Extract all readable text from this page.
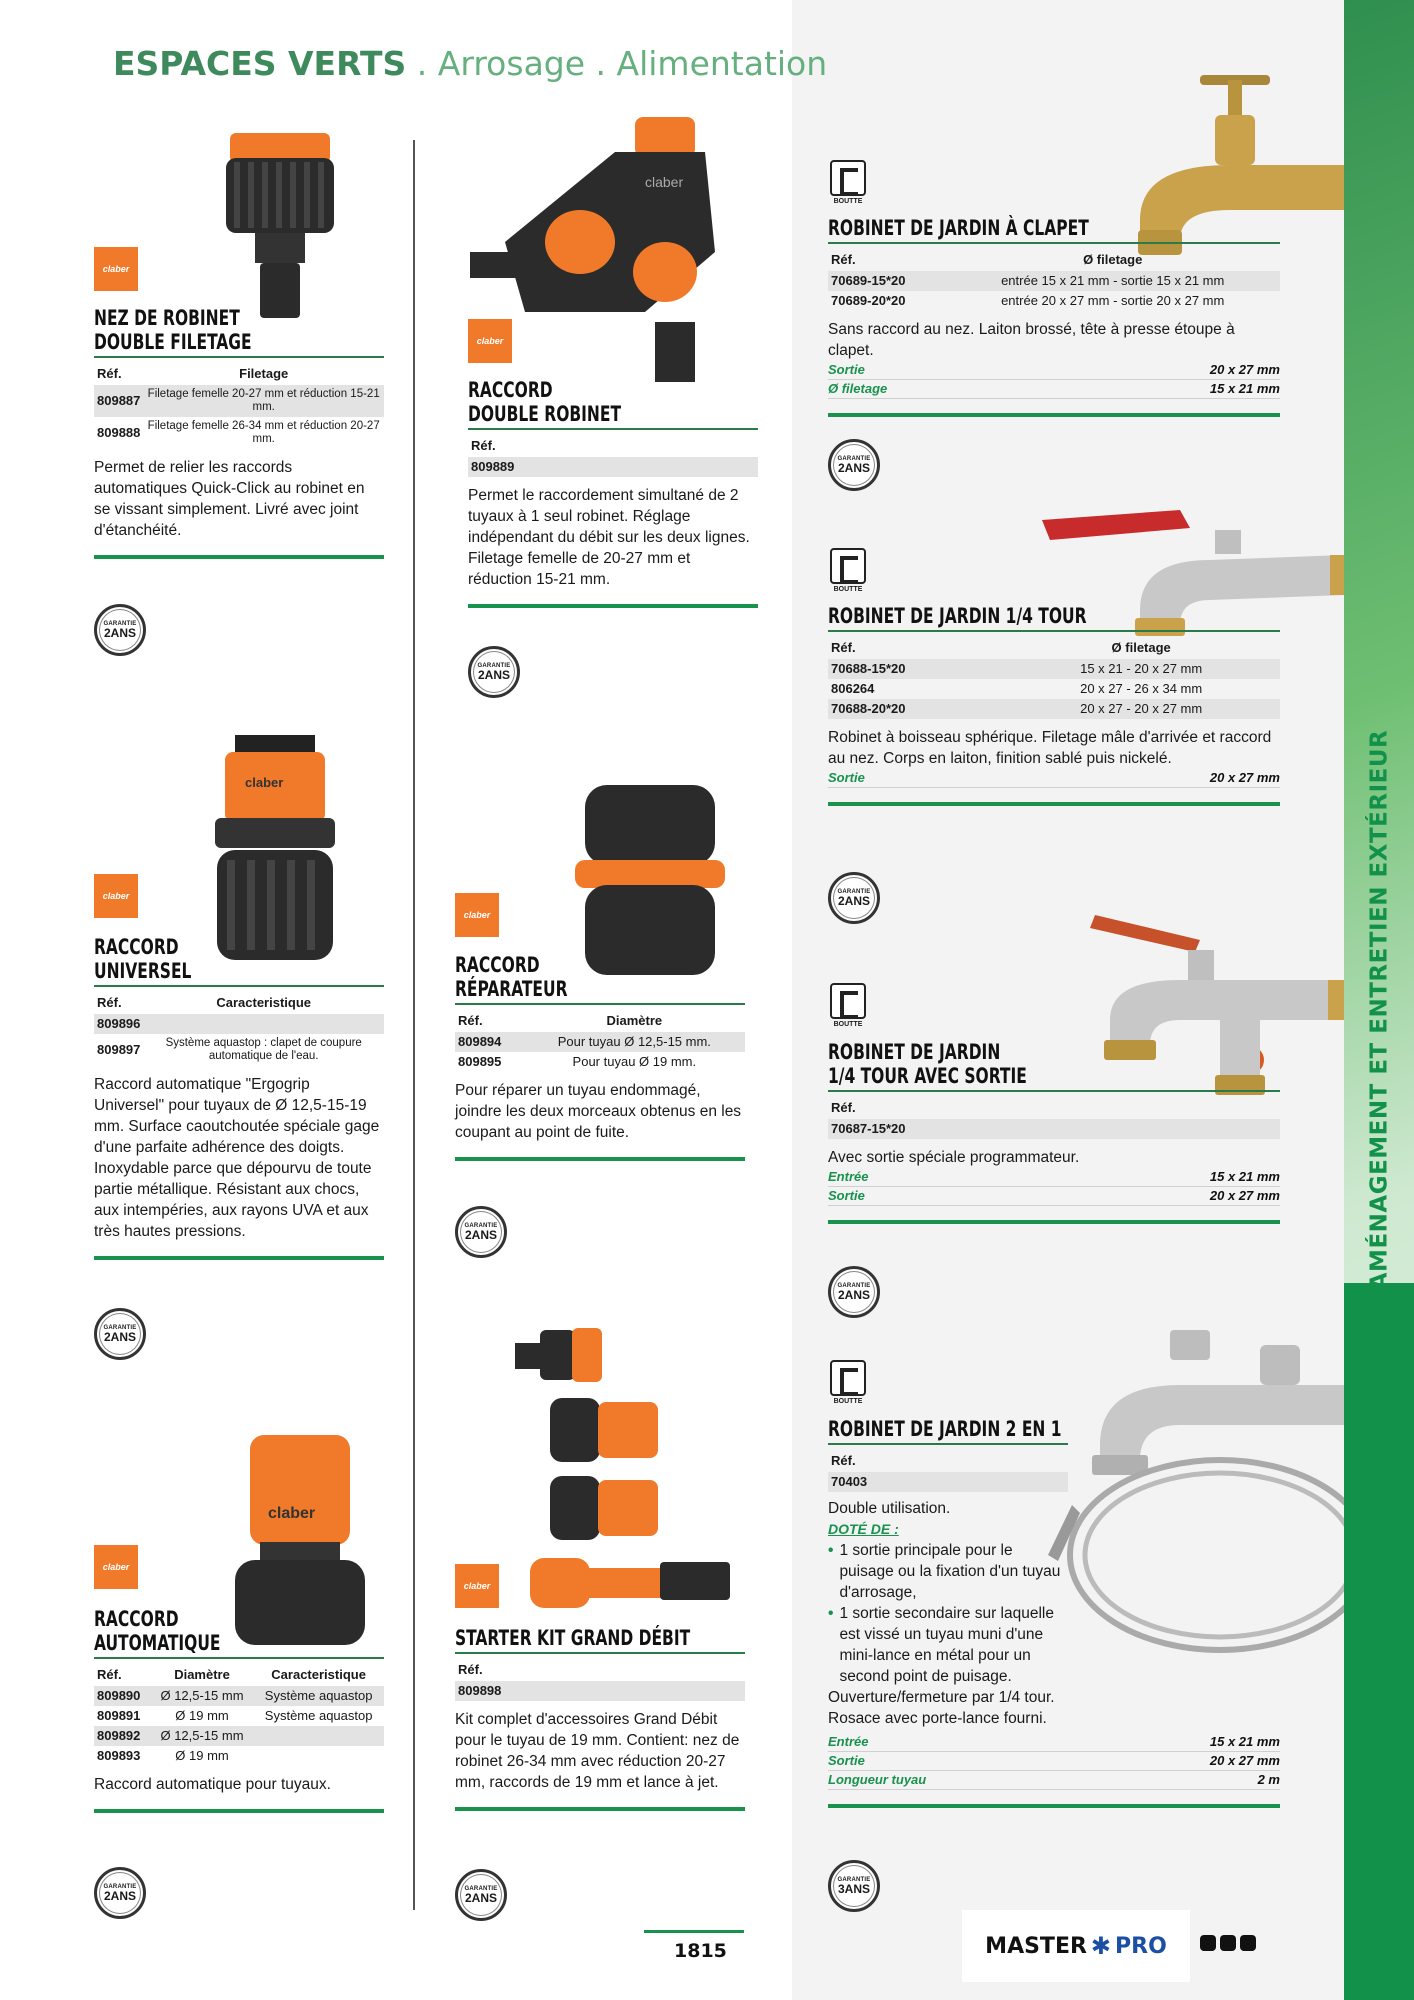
AMÉNAGEMENT ET ENTRETIEN EXTÉRIEUR
ESPACES VERTS . Arrosage . Alimentation
claber
NEZ DE ROBINET
DOUBLE FILETAGE
Réf.	Filetage
809887	Filetage femelle 20-27 mm et réduction 15-21 mm.
809888	Filetage femelle 26-34 mm et réduction 20-27 mm.
Permet de relier les raccords automatiques Quick-Click au robinet en se vissant simplement. Livré avec joint d'étanchéité.
GARANTIE
2ANS
claber
claber
RACCORD
UNIVERSEL
Réf.	Caracteristique
809896	
809897	Système aquastop : clapet de coupure automatique de l'eau.
Raccord automatique "Ergogrip Universel" pour tuyaux de Ø 12,5-15-19 mm. Surface caoutchoutée spéciale gage d'une parfaite adhérence des doigts. Inoxydable parce que dépourvu de toute partie métallique. Résistant aux chocs, aux intempéries, aux rayons UVA et aux très hautes pressions.
GARANTIE
2ANS
claber
claber
RACCORD
AUTOMATIQUE
Réf.	Diamètre	Caracteristique
809890	Ø 12,5-15 mm	Système aquastop
809891	Ø 19 mm	Système aquastop
809892	Ø 12,5-15 mm	
809893	Ø 19 mm	
Raccord automatique pour tuyaux.
GARANTIE
2ANS
claber
claber
RACCORD
DOUBLE ROBINET
Réf.
809889
Permet le raccordement simultané de 2 tuyaux à 1 seul robinet. Réglage indépendant du débit sur les deux lignes. Filetage femelle de 20-27 mm et réduction 15-21 mm.
GARANTIE
2ANS
claber
RACCORD
RÉPARATEUR
Réf.	Diamètre
809894	Pour tuyau Ø 12,5-15 mm.
809895	Pour tuyau Ø 19 mm.
Pour réparer un tuyau endommagé, joindre les deux morceaux obtenus en les coupant au point de fuite.
GARANTIE
2ANS
claber
STARTER KIT GRAND DÉBIT
Réf.
809898
Kit complet d'accessoires Grand Débit pour le tuyau de 19 mm. Contient: nez de robinet 26-34 mm avec réduction 20-27 mm, raccords de 19 mm et lance à jet.
GARANTIE
2ANS
BOUTTE
ROBINET DE JARDIN À CLAPET
Réf.	Ø filetage
70689-15*20	entrée 15 x 21 mm - sortie 15 x 21 mm
70689-20*20	entrée 20 x 27 mm - sortie 20 x 27 mm
Sans raccord au nez. Laiton brossé, tête à presse étoupe à clapet.
Sortie	20 x 27 mm
Ø filetage	15 x 21 mm
GARANTIE
2ANS
BOUTTE
ROBINET DE JARDIN 1/4 TOUR
Réf.	Ø filetage
70688-15*20	15 x 21 - 20 x 27 mm
806264	20 x 27 - 26 x 34 mm
70688-20*20	20 x 27 - 20 x 27 mm
Robinet à boisseau sphérique. Filetage mâle d'arrivée et raccord au nez. Corps en laiton, finition sablé puis nickelé.
Sortie	20 x 27 mm
GARANTIE
2ANS
BOUTTE
ROBINET DE JARDIN
1/4 TOUR AVEC SORTIE
Réf.
70687-15*20
Avec sortie spéciale programmateur.
Entrée	15 x 21 mm
Sortie	20 x 27 mm
GARANTIE
2ANS
BOUTTE
ROBINET DE JARDIN 2 EN 1
Réf.
70403
Double utilisation.
DOTÉ DE :
• 1 sortie principale pour le puisage ou la fixation d'un tuyau d'arrosage,
• 1 sortie secondaire sur laquelle est vissé un tuyau muni d'une mini-lance en métal pour un second point de puisage.
Ouverture/fermeture par 1/4 tour. Rosace avec porte-lance fourni.
Entrée	15 x 21 mm
Sortie	20 x 27 mm
Longueur tuyau	2 m
GARANTIE
3ANS
1815	MASTER ✱ PRO
